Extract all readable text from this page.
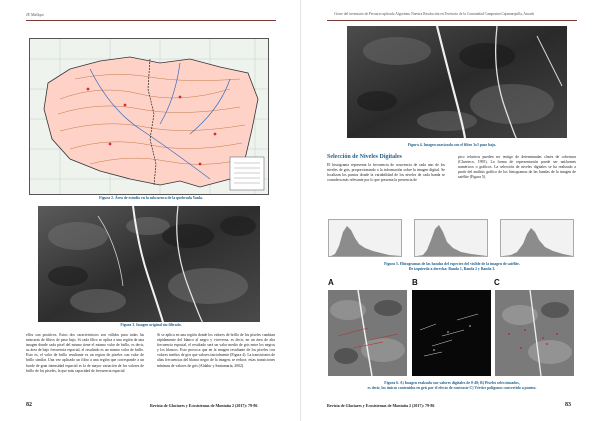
JE Mallqui
Figura 2. Área de estudio en la subcuenca de la quebrada Yanla.
Figura 3. Imagen original sin filtrado.
ellos son positivos. Estos dos caracteristicos son válidos para todas las máscaras de filtros de paso bajo. Si cada filtro se aplica a una región de una imagen donde cada pixel del mismo tiene el mismo valor de brillo, es decir, su área de bajo frecuencia espacial, el resultado es un mismo valor de brillo. Esto es, el valor de brillo resultante es un region de píxeles con valor de brillo similar. Una vez aplicado un filtro a una región que corresponde a un borde de gran intensidad espacial es la de mayor variación de los valores de brillo de los píxeles, la que más capacidad de frecuencia espacial
Si se aplica en una región donde los valores de brillo de los píxeles cambian rápidamente del blanco al negro y viceversa, es decir, en un área de alta frecuencia espacial, el resultado será un valor medio de gris entre los negros y los blancos. Esto provoca que en la imagen resultante de los píxeles con valores medios de gris que valores inicialmente (Figura 4). La transiciones de altas frecuencias del blanco negro de la imagen, se reduce, estas transiciones mínimas de valores de gris (Aldalur y Santamaría, 2002).
82	Revista de Glaciares y Ecosistemas de Montaña 2 (2017): 79-86
Cierre del inventario de Pecuario aplicado Algoritmo Nuestra Resolución en Territorio de la Comunidad Campesina Cajamarquilla, Ancash
Figura 4. Imagen suavizada con el filtro 3x3 paso bajo.
Selección de Niveles Digitales
El histograma representa la frecuencia de ocurrencia de cada uno de los niveles de gris, proporcionando a la información sobre la imagen digital. Se localizan los puntos donde la variabilidad de los niveles de cada banda se considera más relevante por lo que presenta la presencia de
pico relativos pueden ser testigo de determinadas clases de cobertura (Chuvieco, 1995). La forma de representación puede ser uniformes numéricos o gráficos. La selección de niveles digitales se ha realizado a partir del análisis gráfico de los histogramas de las bandas de la imagen de satélite (Figura 5).
Figura 5. Histogramas de las bandas del espectro del visible de la imagen de satélite.
De izquierda a derecha: Banda 1, Banda 2 y Banda 3.
A	B	C
Figura 6. A) Imagen realzada con valores digitales de 0-40; B) Píxeles seleccionados,
es decir, los únicos contenidos en gris por el efecto de contraste C) Vértice polígonos convertido a puntos.
Revista de Glaciares y Ecosistemas de Montaña 2 (2017): 79-86	83
